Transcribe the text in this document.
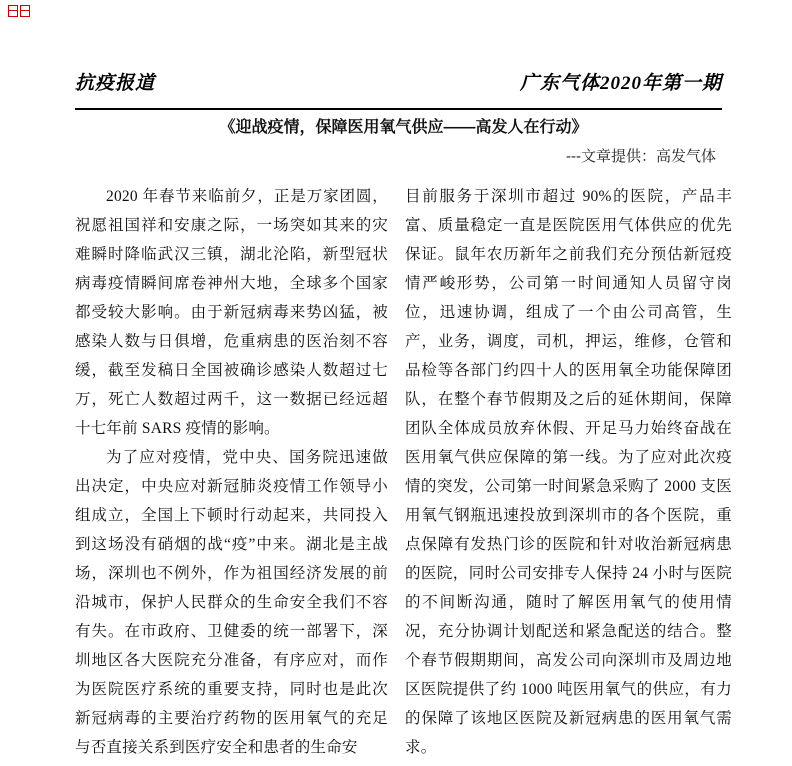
抗疫报道	广东气体2020年第一期
《迎战疫情，保障医用氧气供应——高发人在行动》
---文章提供：高发气体

2020 年春节来临前夕，正是万家团圆，祝愿祖国祥和安康之际，一场突如其来的灾难瞬时降临武汉三镇，湖北沦陷，新型冠状病毒疫情瞬间席卷神州大地，全球多个国家都受较大影响。由于新冠病毒来势凶猛，被感染人数与日俱增，危重病患的医治刻不容缓，截至发稿日全国被确诊感染人数超过七万，死亡人数超过两千，这一数据已经远超十七年前 SARS 疫情的影响。

为了应对疫情，党中央、国务院迅速做出决定，中央应对新冠肺炎疫情工作领导小组成立，全国上下顿时行动起来，共同投入到这场没有硝烟的战“疫”中来。湖北是主战场，深圳也不例外，作为祖国经济发展的前沿城市，保护人民群众的生命安全我们不容有失。在市政府、卫健委的统一部署下，深圳地区各大医院充分准备，有序应对，而作为医院医疗系统的重要支持，同时也是此次新冠病毒的主要治疗药物的医用氧气的充足与否直接关系到医疗安全和患者的生命安

目前服务于深圳市超过 90%的医院，产品丰富、质量稳定一直是医院医用气体供应的优先保证。鼠年农历新年之前我们充分预估新冠疫情严峻形势，公司第一时间通知人员留守岗位，迅速协调，组成了一个由公司高管，生产，业务，调度，司机，押运，维修，仓管和品检等各部门约四十人的医用氧全功能保障团队，在整个春节假期及之后的延休期间，保障团队全体成员放弃休假、开足马力始终奋战在医用氧气供应保障的第一线。为了应对此次疫情的突发，公司第一时间紧急采购了 2000 支医用氧气钢瓶迅速投放到深圳市的各个医院，重点保障有发热门诊的医院和针对收治新冠病患的医院，同时公司安排专人保持 24 小时与医院的不间断沟通，随时了解医用氧气的使用情况，充分协调计划配送和紧急配送的结合。整个春节假期期间，高发公司向深圳市及周边地区医院提供了约 1000 吨医用氧气的供应，有力的保障了该地区医院及新冠病患的医用氧气需求。
